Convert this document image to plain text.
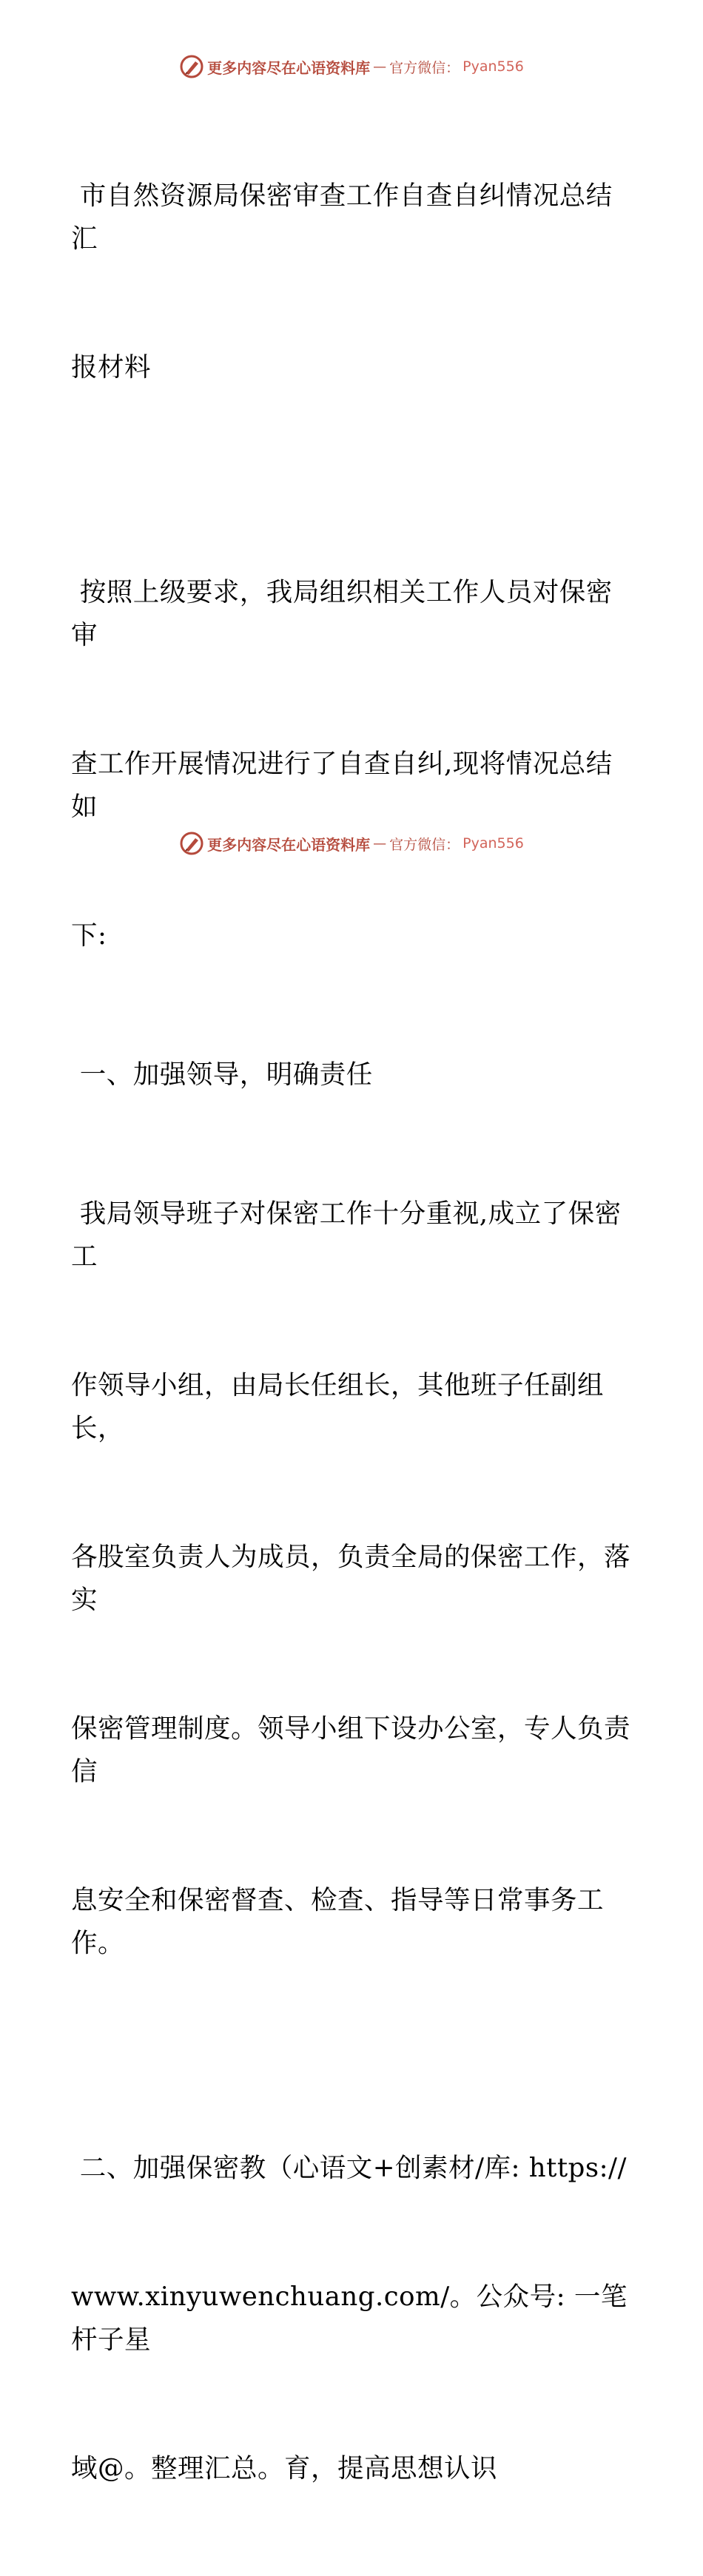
更多内容尽在心语资料库 — 官方微信： Pyan556

市自然资源局保密审查工作自查自纠情况总结汇

报材料

按照上级要求，我局组织相关工作人员对保密审

查工作开展情况进行了自查自纠,现将情况总结如

下:

一、加强领导，明确责任

我局领导班子对保密工作十分重视,成立了保密工

作领导小组，由局长任组长，其他班子任副组长，

各股室负责人为成员，负责全局的保密工作，落实

保密管理制度。领导小组下设办公室，专人负责信

息安全和保密督查、检查、指导等日常事务工作。

二、加强保密教（心语文+创素材/库: https://

www.xinyuwenchuang.com/。公众号: 一笔杆子星

域@。整理汇总。育，提高思想认识

更多内容尽在心语资料库 — 官方微信： Pyan556
